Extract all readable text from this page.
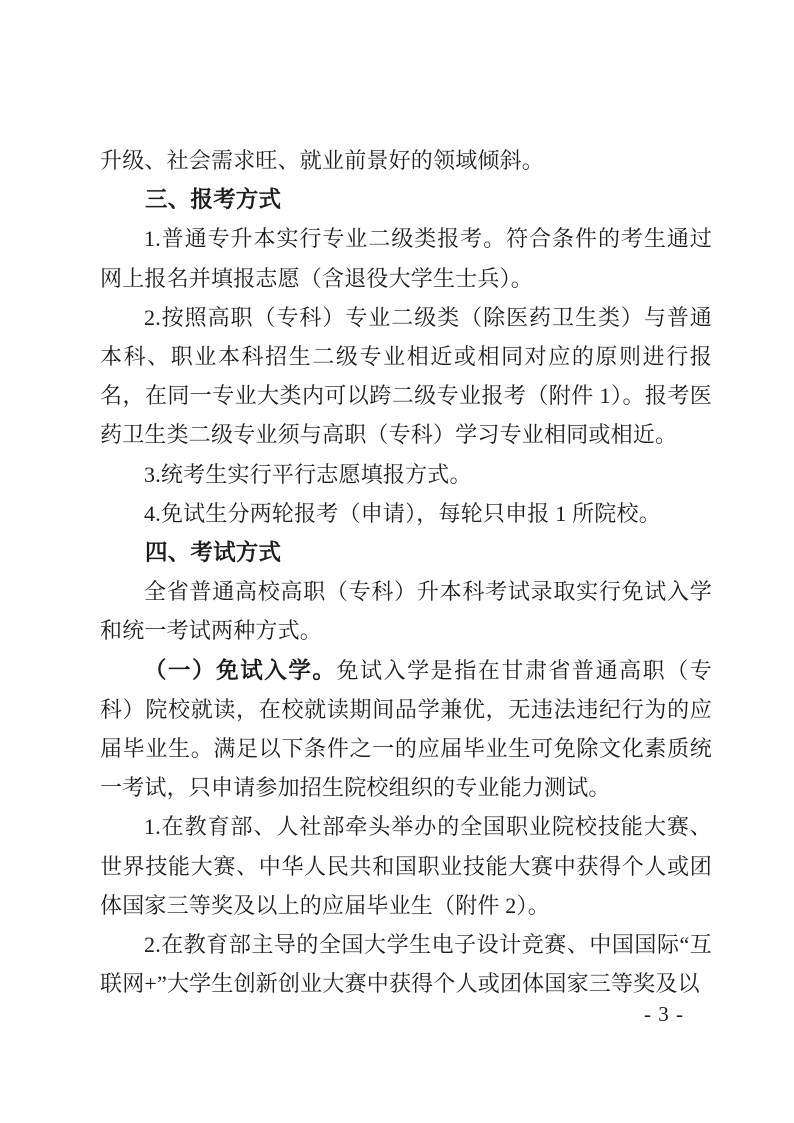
升级、社会需求旺、就业前景好的领域倾斜。

三、报考方式

1.普通专升本实行专业二级类报考。符合条件的考生通过网上报名并填报志愿（含退役大学生士兵）。

2.按照高职（专科）专业二级类（除医药卫生类）与普通本科、职业本科招生二级专业相近或相同对应的原则进行报名，在同一专业大类内可以跨二级专业报考（附件 1）。报考医药卫生类二级专业须与高职（专科）学习专业相同或相近。

3.统考生实行平行志愿填报方式。

4.免试生分两轮报考（申请），每轮只申报 1 所院校。

四、考试方式

全省普通高校高职（专科）升本科考试录取实行免试入学和统一考试两种方式。

（一）免试入学。免试入学是指在甘肃省普通高职（专科）院校就读，在校就读期间品学兼优，无违法违纪行为的应届毕业生。满足以下条件之一的应届毕业生可免除文化素质统一考试，只申请参加招生院校组织的专业能力测试。

1.在教育部、人社部牵头举办的全国职业院校技能大赛、世界技能大赛、中华人民共和国职业技能大赛中获得个人或团体国家三等奖及以上的应届毕业生（附件 2）。

2.在教育部主导的全国大学生电子设计竞赛、中国国际“互联网+”大学生创新创业大赛中获得个人或团体国家三等奖及以

- 3 -
